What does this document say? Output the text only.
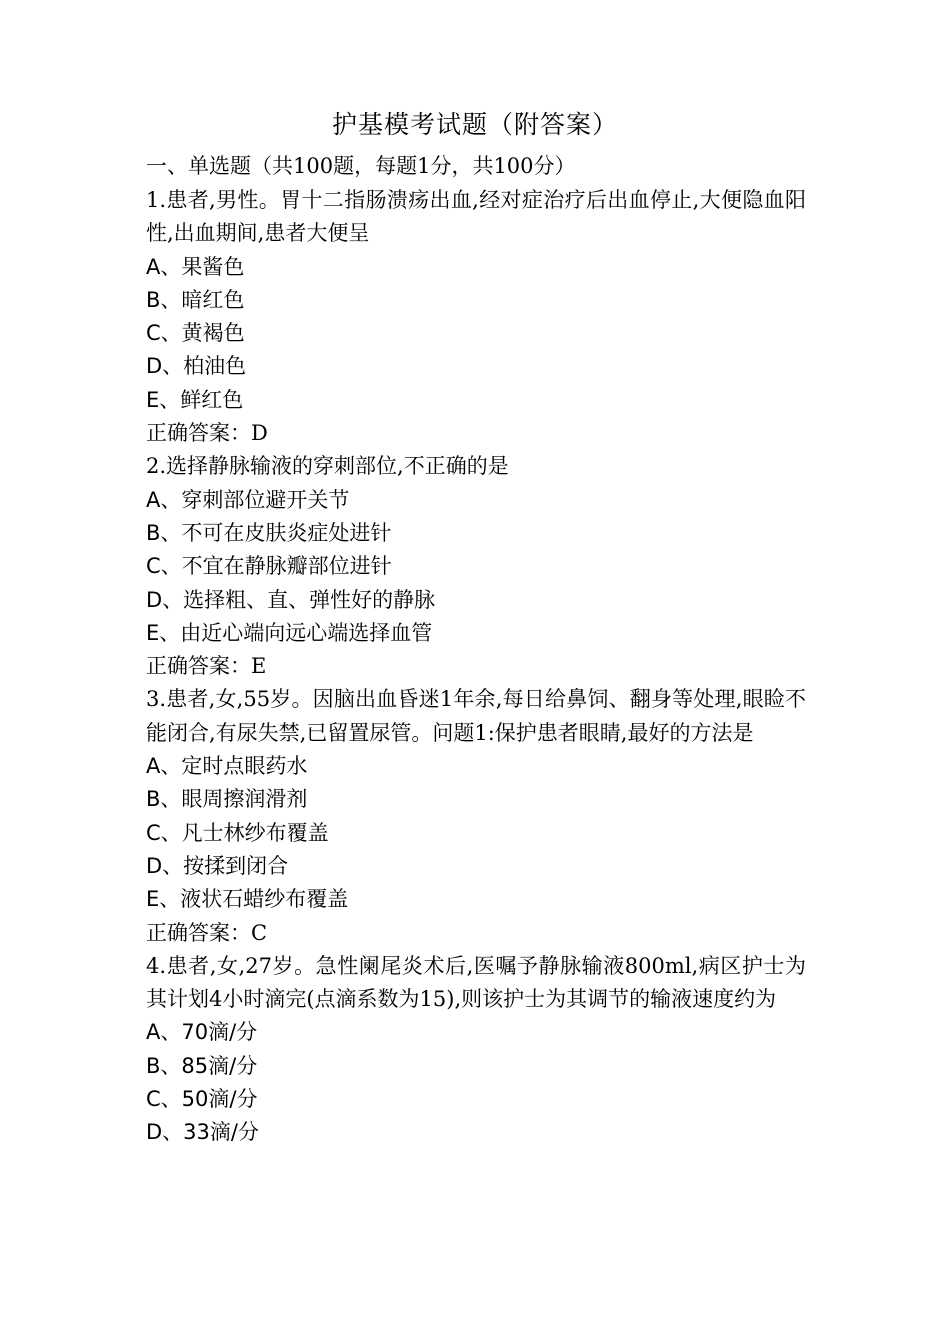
护基模考试题（附答案）
一、单选题（共100题，每题1分，共100分）
1.患者,男性。胃十二指肠溃疡出血,经对症治疗后出血停止,大便隐血阳性,出血期间,患者大便呈
A、果酱色
B、暗红色
C、黄褐色
D、柏油色
E、鲜红色
正确答案：D
2.选择静脉输液的穿刺部位,不正确的是
A、穿刺部位避开关节
B、不可在皮肤炎症处进针
C、不宜在静脉瓣部位进针
D、选择粗、直、弹性好的静脉
E、由近心端向远心端选择血管
正确答案：E
3.患者,女,55岁。因脑出血昏迷1年余,每日给鼻饲、翻身等处理,眼睑不能闭合,有尿失禁,已留置尿管。问题1:保护患者眼睛,最好的方法是
A、定时点眼药水
B、眼周擦润滑剂
C、凡士林纱布覆盖
D、按揉到闭合
E、液状石蜡纱布覆盖
正确答案：C
4.患者,女,27岁。急性阑尾炎术后,医嘱予静脉输液800ml,病区护士为其计划4小时滴完(点滴系数为15),则该护士为其调节的输液速度约为
A、70滴/分
B、85滴/分
C、50滴/分
D、33滴/分
